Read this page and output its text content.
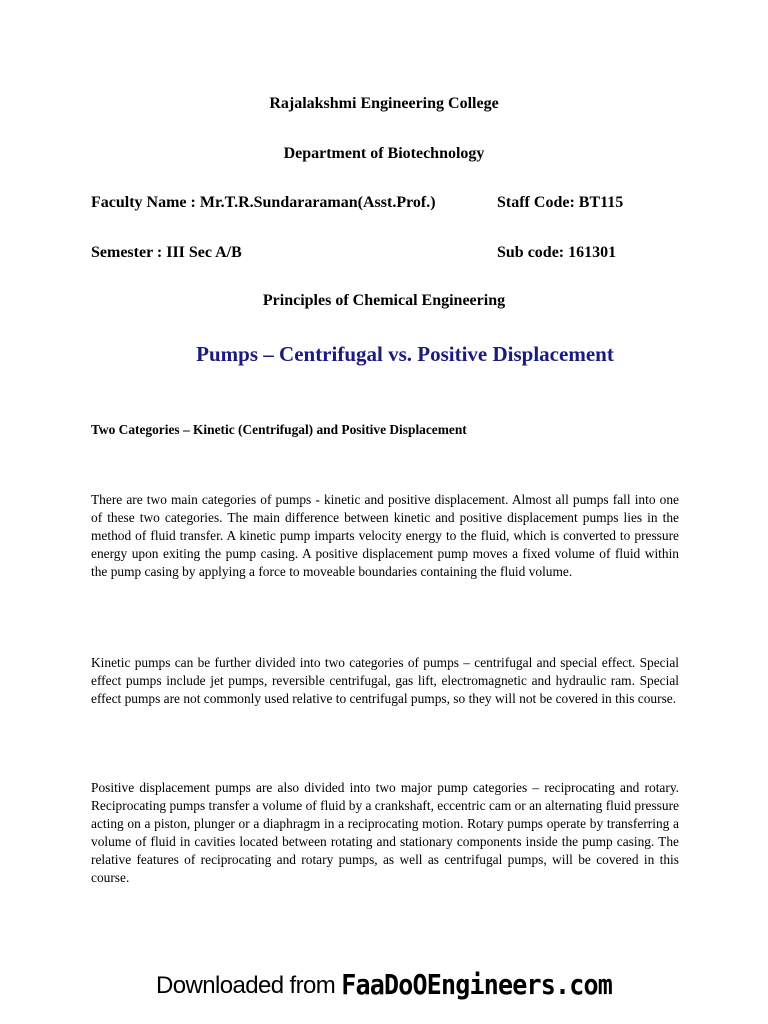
Rajalakshmi Engineering College
Department of Biotechnology
Faculty Name : Mr.T.R.Sundararaman(Asst.Prof.)	Staff Code: BT115
Semester : III Sec A/B	Sub code: 161301
Principles of Chemical Engineering
Pumps – Centrifugal vs. Positive Displacement
Two Categories – Kinetic (Centrifugal) and Positive Displacement

There are two main categories of pumps - kinetic and positive displacement. Almost all pumps fall into one of these two categories. The main difference between kinetic and positive displacement pumps lies in the method of fluid transfer. A kinetic pump imparts velocity energy to the fluid, which is converted to pressure energy upon exiting the pump casing. A positive displacement pump moves a fixed volume of fluid within the pump casing by applying a force to moveable boundaries containing the fluid volume.

Kinetic pumps can be further divided into two categories of pumps – centrifugal and special effect. Special effect pumps include jet pumps, reversible centrifugal, gas lift, electromagnetic and hydraulic ram. Special effect pumps are not commonly used relative to centrifugal pumps, so they will not be covered in this course.

Positive displacement pumps are also divided into two major pump categories – reciprocating and rotary. Reciprocating pumps transfer a volume of fluid by a crankshaft, eccentric cam or an alternating fluid pressure acting on a piston, plunger or a diaphragm in a reciprocating motion. Rotary pumps operate by transferring a volume of fluid in cavities located between rotating and stationary components inside the pump casing. The relative features of reciprocating and rotary pumps, as well as centrifugal pumps, will be covered in this course.

Downloaded from FaaDoOEngineers.com
